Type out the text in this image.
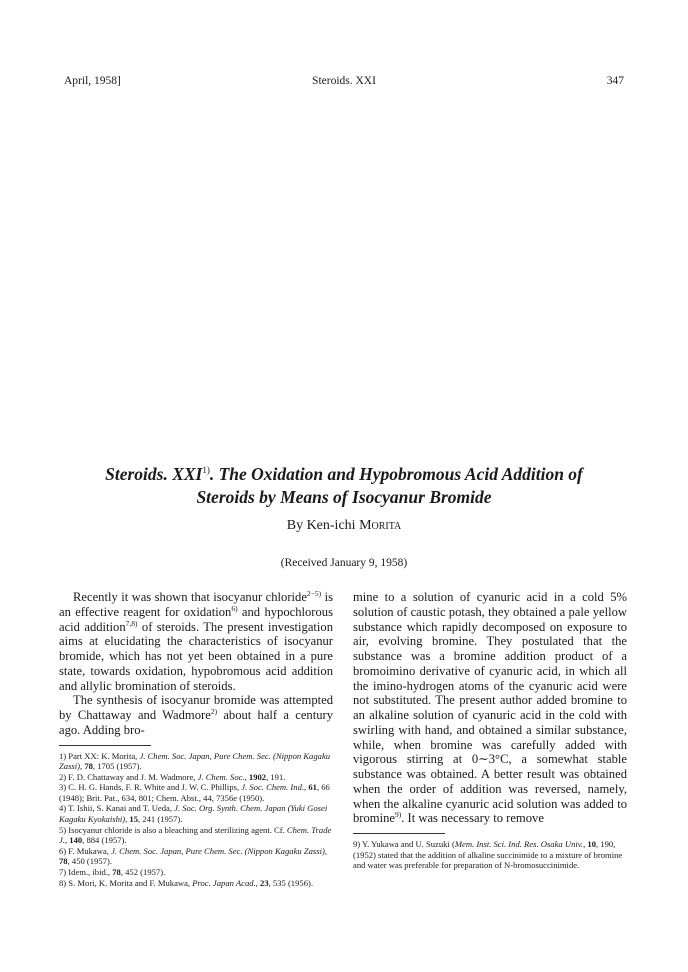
April, 1958]	Steroids. XXI	347
Steroids. XXI$^{1)}$. The Oxidation and Hypobromous Acid Addition of
Steroids by Means of Isocyanur Bromide
By Ken-ichi Morita
(Received January 9, 1958)

Recently it was shown that isocyanur chloride$^{2-5)}$ is an effective reagent for oxidation$^{6)}$ and hypochlorous acid addition$^{7,8)}$ of steroids. The present investigation aims at elucidating the characteristics of isocyanur bromide, which has not yet been obtained in a pure state, towards oxidation, hypobromous acid addition and allylic bromination of steroids.

The synthesis of isocyanur bromide was attempted by Chattaway and Wadmore$^{2)}$ about half a century ago. Adding bro-

1) Part XX: K. Morita, J. Chem. Soc. Japan, Pure Chem. Sec. (Nippon Kagaku Zassi), 78, 1705 (1957).

2) F. D. Chattaway and J. M. Wadmore, J. Chem. Soc., 1902, 191.

3) C. H. G. Hands, F. R. White and J. W. C. Phillips, J. Soc. Chem. Ind., 61, 66 (1948); Brit. Pat., 634, 801; Chem. Abst., 44, 7356e (1950).

4) T. Ishii, S. Kanai and T. Ueda, J. Soc. Org. Synth. Chem. Japan (Yuki Gosei Kagaku Kyokaishi), 15, 241 (1957).

5) Isocyanur chloride is also a bleaching and sterilizing agent. Cf. Chem. Trade J., 140, 884 (1957).

6) F. Mukawa, J. Chem. Soc. Japan, Pure Chem. Sec. (Nippon Kagaku Zassi), 78, 450 (1957).

7) Idem., ibid., 78, 452 (1957).

8) S. Mori, K. Morita and F. Mukawa, Proc. Japan Acad., 23, 535 (1956).

mine to a solution of cyanuric acid in a cold 5% solution of caustic potash, they obtained a pale yellow substance which rapidly decomposed on exposure to air, evolving bromine. They postulated that the substance was a bromine addition product of a bromoimino derivative of cyanuric acid, in which all the imino-hydrogen atoms of the cyanuric acid were not substituted. The present author added bromine to an alkaline solution of cyanuric acid in the cold with swirling with hand, and obtained a similar substance, while, when bromine was carefully added with vigorous stirring at 0∼3°C, a somewhat stable substance was obtained. A better result was obtained when the order of addition was reversed, namely, when the alkaline cyanuric acid solution was added to bromine$^{9)}$. It was necessary to remove

9) Y. Yukawa and U. Suzuki (Mem. Inst. Sci. Ind. Res. Osaka Univ., 10, 190, (1952) stated that the addition of alkaline succinimide to a mixture of bromine and water was preferable for preparation of N-bromosuccinimide.
